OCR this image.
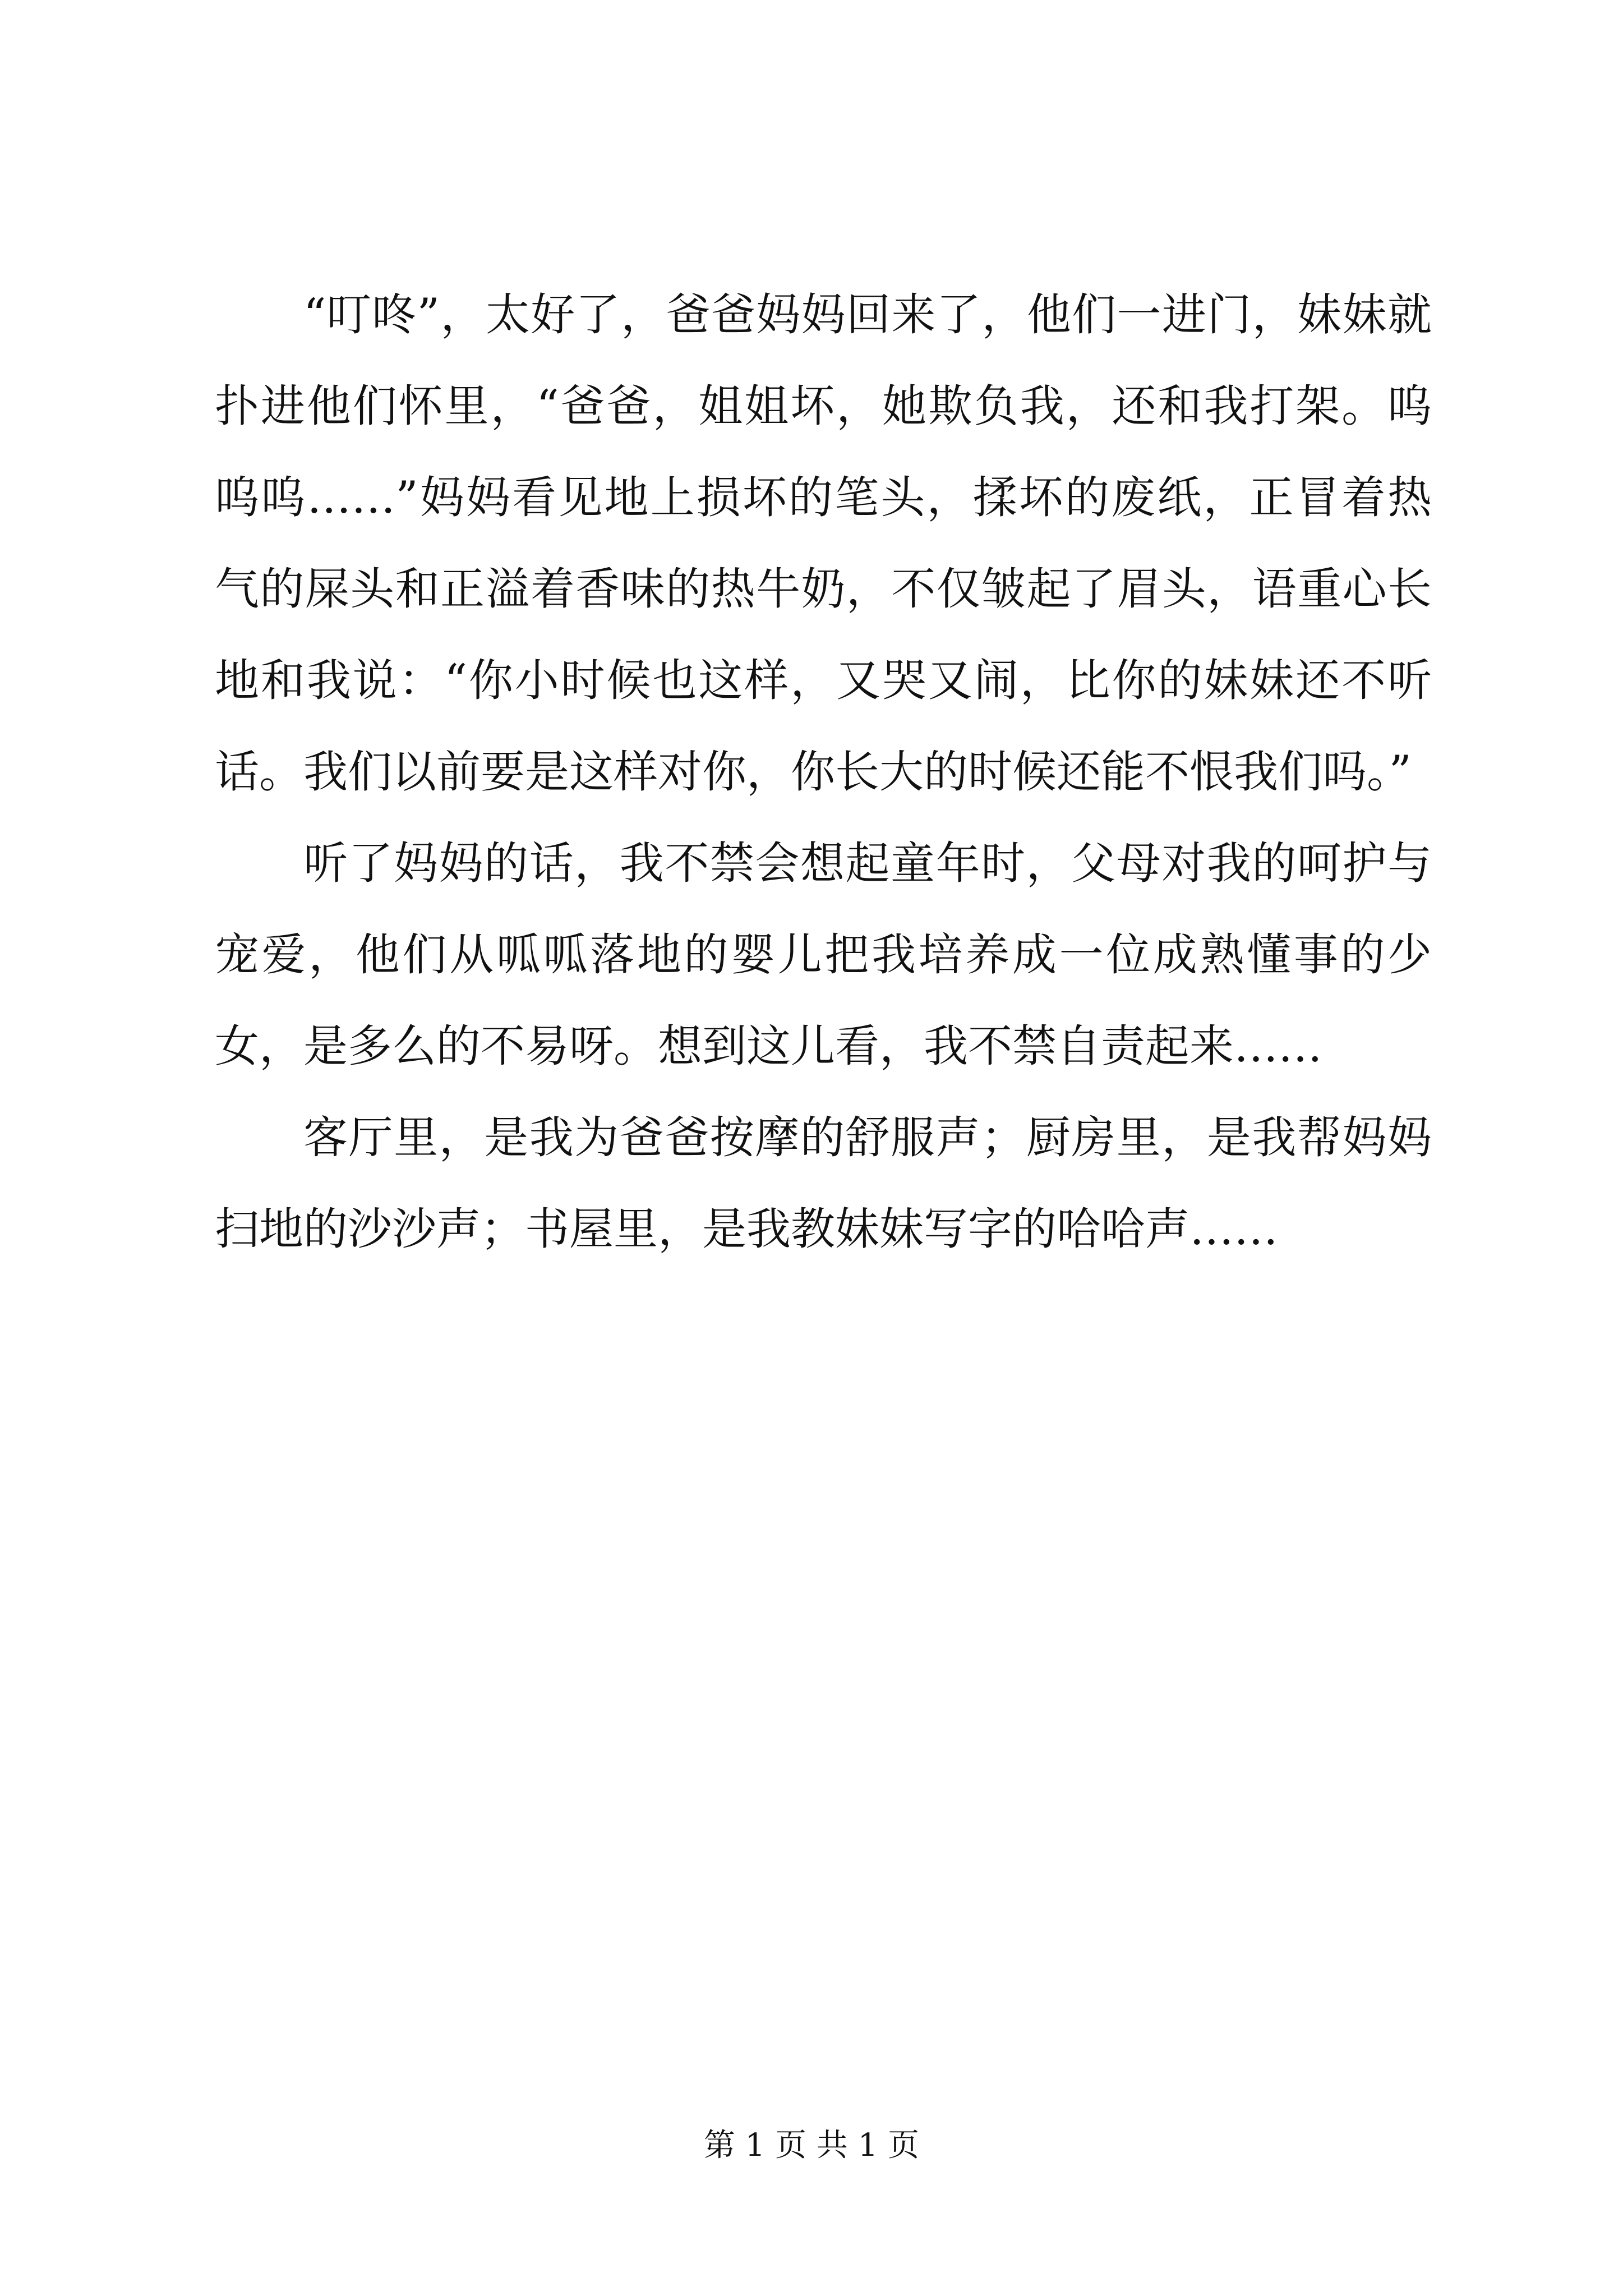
“叮咚”，太好了，爸爸妈妈回来了，他们一进门，妹妹就扑进他们怀里，“爸爸，姐姐坏，她欺负我，还和我打架。呜呜呜……”妈妈看见地上损坏的笔头，揉坏的废纸，正冒着热气的屎头和正溢着香味的热牛奶，不仅皱起了眉头，语重心长地和我说：“你小时候也这样，又哭又闹，比你的妹妹还不听话。我们以前要是这样对你，你长大的时候还能不恨我们吗。”

听了妈妈的话，我不禁会想起童年时，父母对我的呵护与宠爱，他们从呱呱落地的婴儿把我培养成一位成熟懂事的少女，是多么的不易呀。想到这儿看，我不禁自责起来……

客厅里，是我为爸爸按摩的舒服声；厨房里，是我帮妈妈扫地的沙沙声；书屋里，是我教妹妹写字的哈哈声……

第 1 页 共 1 页
